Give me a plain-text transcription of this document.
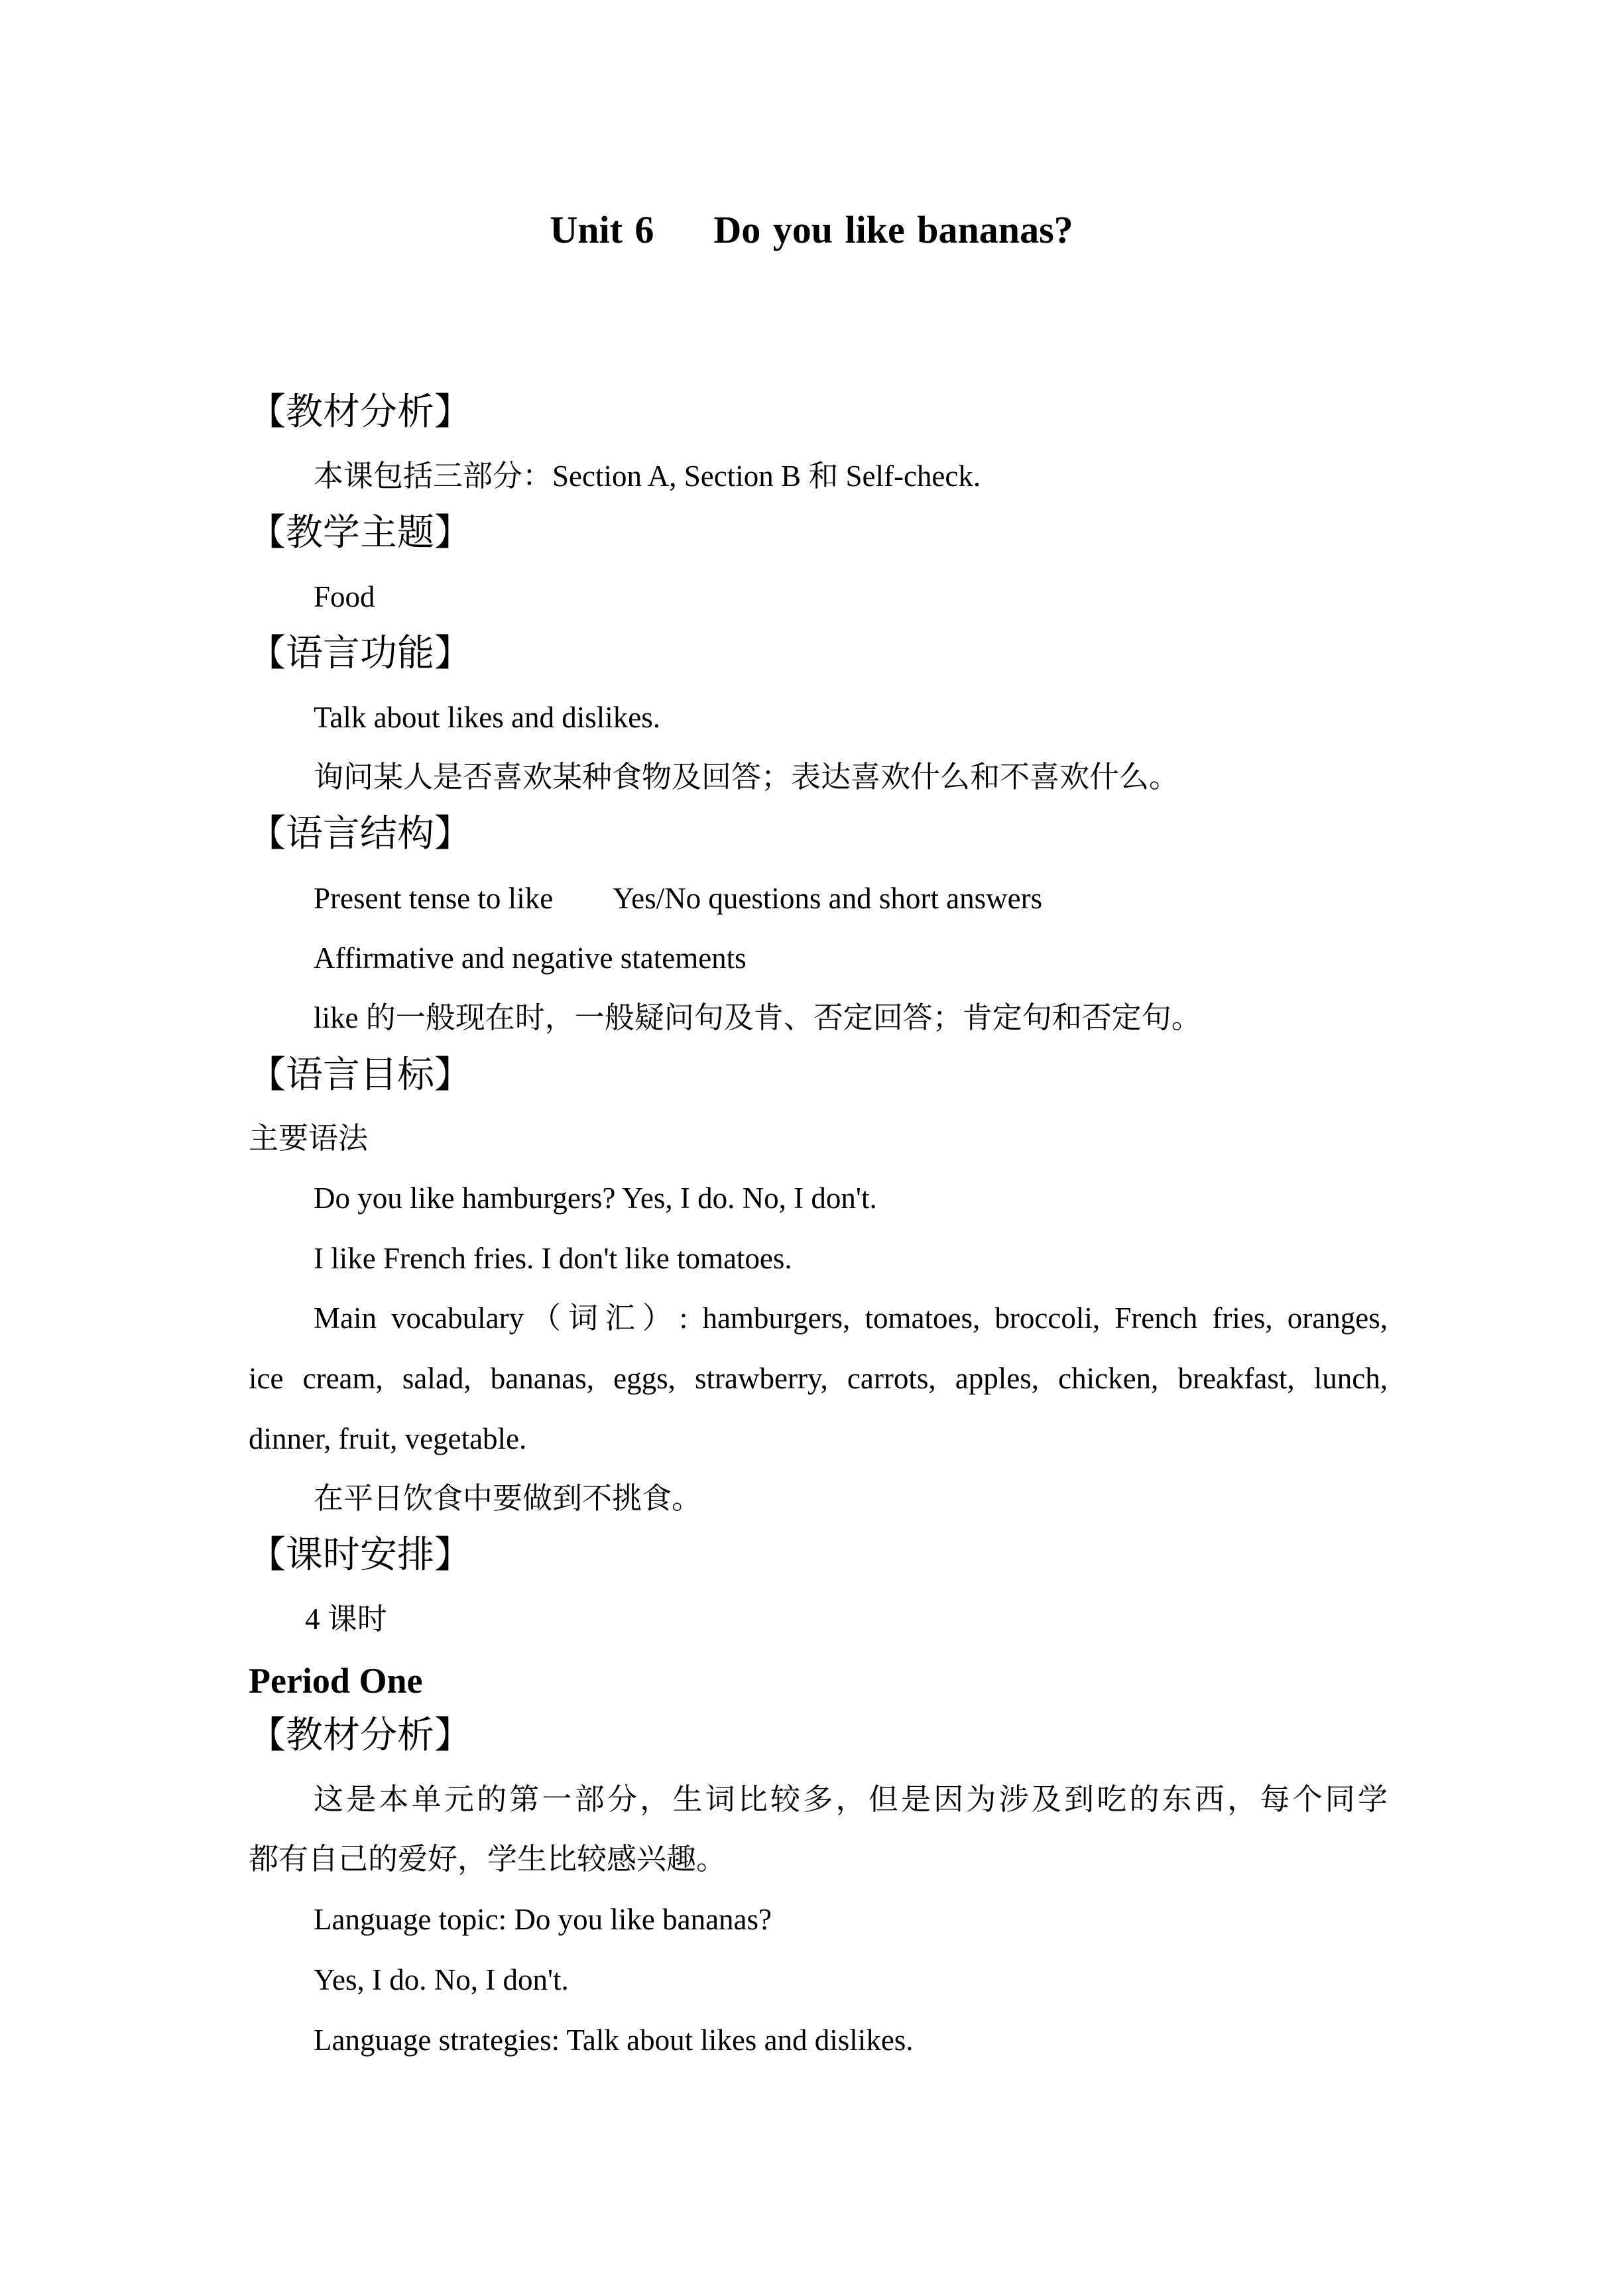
Unit 6 Do you like bananas?
【教材分析】
本课包括三部分：Section A, Section B 和 Self-check.
【教学主题】
Food
【语言功能】
Talk about likes and dislikes.
询问某人是否喜欢某种食物及回答；表达喜欢什么和不喜欢什么。
【语言结构】
Present tense to like Yes/No questions and short answers
Affirmative and negative statements
like 的一般现在时，一般疑问句及肯、否定回答；肯定句和否定句。
【语言目标】
主要语法
Do you like hamburgers? Yes, I do. No, I don't.
I like French fries. I don't like tomatoes.
Main vocabulary（词汇）: hamburgers, tomatoes, broccoli, French fries, oranges,
ice cream, salad, bananas, eggs, strawberry, carrots, apples, chicken, breakfast, lunch,
dinner, fruit, vegetable.
在平日饮食中要做到不挑食。
【课时安排】
4 课时
Period One
【教材分析】
这是本单元的第一部分，生词比较多，但是因为涉及到吃的东西，每个同学
都有自己的爱好，学生比较感兴趣。
Language topic: Do you like bananas?
Yes, I do. No, I don't.
Language strategies: Talk about likes and dislikes.
